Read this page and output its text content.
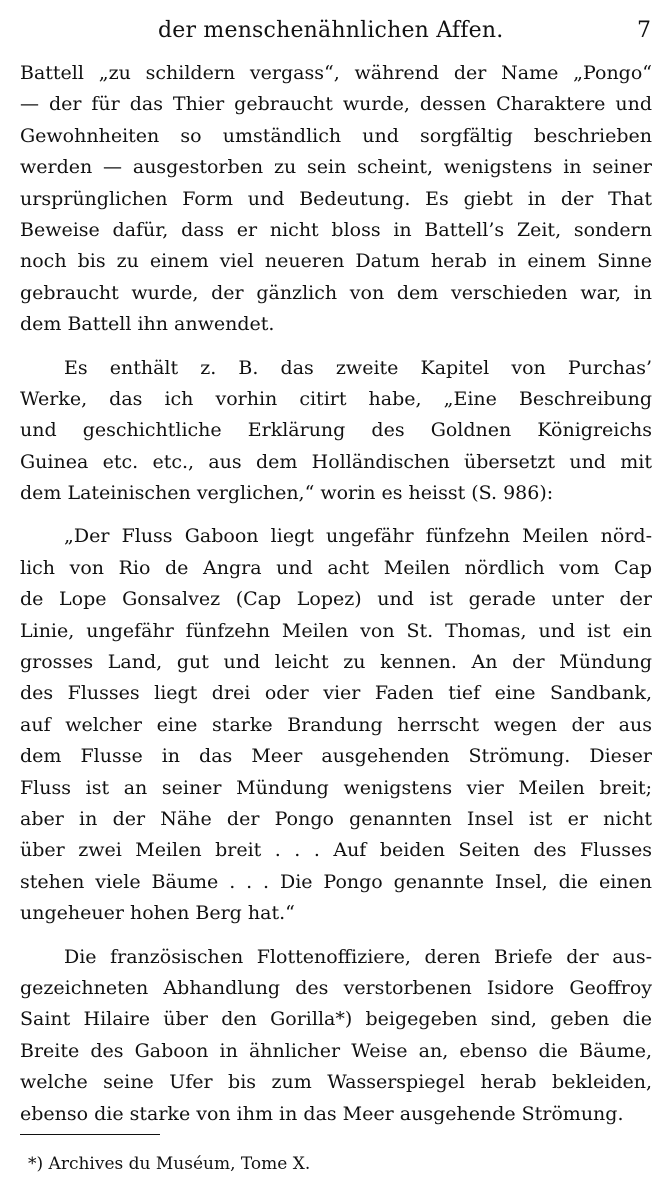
der menschenähnlichen Affen.	7
Battell „zu schildern vergass“, während der Name „Pongo“
— der für das Thier gebraucht wurde, dessen Charaktere und
Gewohnheiten so umständlich und sorgfältig beschrieben
werden — ausgestorben zu sein scheint, wenigstens in seiner
ursprünglichen Form und Bedeutung. Es giebt in der That
Beweise dafür, dass er nicht bloss in Battell’s Zeit, sondern
noch bis zu einem viel neueren Datum herab in einem Sinne
gebraucht wurde, der gänzlich von dem verschieden war, in
dem Battell ihn anwendet.
Es enthält z. B. das zweite Kapitel von Purchas’
Werke, das ich vorhin citirt habe, „Eine Beschreibung
und geschichtliche Erklärung des Goldnen Königreichs
Guinea etc. etc., aus dem Holländischen übersetzt und mit
dem Lateinischen verglichen,“ worin es heisst (S. 986):
„Der Fluss Gaboon liegt ungefähr fünfzehn Meilen nörd-
lich von Rio de Angra und acht Meilen nördlich vom Cap
de Lope Gonsalvez (Cap Lopez) und ist gerade unter der
Linie, ungefähr fünfzehn Meilen von St. Thomas, und ist ein
grosses Land, gut und leicht zu kennen. An der Mündung
des Flusses liegt drei oder vier Faden tief eine Sandbank,
auf welcher eine starke Brandung herrscht wegen der aus
dem Flusse in das Meer ausgehenden Strömung. Dieser
Fluss ist an seiner Mündung wenigstens vier Meilen breit;
aber in der Nähe der Pongo genannten Insel ist er nicht
über zwei Meilen breit . . . Auf beiden Seiten des Flusses
stehen viele Bäume . . . Die Pongo genannte Insel, die einen
ungeheuer hohen Berg hat.“
Die französischen Flottenoffiziere, deren Briefe der aus-
gezeichneten Abhandlung des verstorbenen Isidore Geoffroy
Saint Hilaire über den Gorilla*) beigegeben sind, geben die
Breite des Gaboon in ähnlicher Weise an, ebenso die Bäume,
welche seine Ufer bis zum Wasserspiegel herab bekleiden,
ebenso die starke von ihm in das Meer ausgehende Strömung.
*) Archives du Muséum, Tome X.
